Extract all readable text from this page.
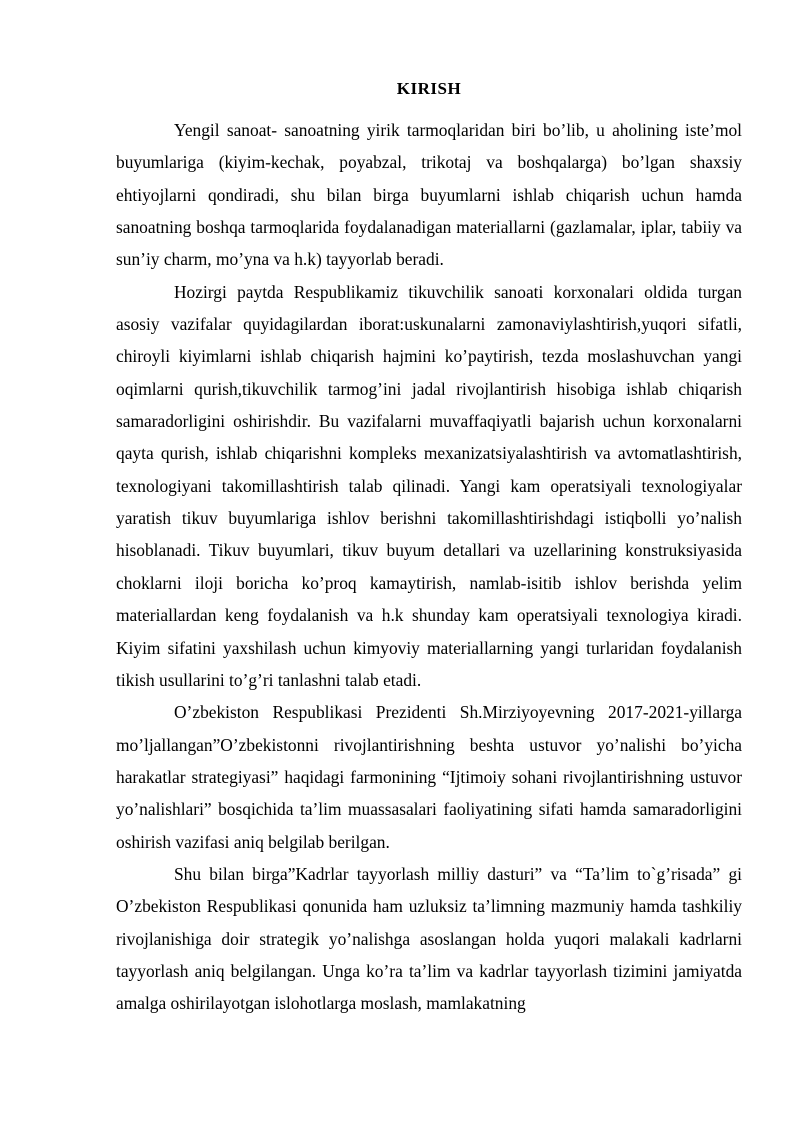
KIRISH

Yengil sanoat- sanoatning yirik tarmoqlaridan biri bo’lib, u aholining iste’mol buyumlariga (kiyim-kechak, poyabzal, trikotaj va boshqalarga) bo’lgan shaxsiy ehtiyojlarni qondiradi, shu bilan birga buyumlarni ishlab chiqarish uchun hamda sanoatning boshqa tarmoqlarida foydalanadigan materiallarni (gazlamalar, iplar, tabiiy va sun’iy charm, mo’yna va h.k) tayyorlab beradi.

Hozirgi paytda Respublikamiz tikuvchilik sanoati korxonalari oldida turgan asosiy vazifalar quyidagilardan iborat:uskunalarni zamonaviylashtirish,yuqori sifatli, chiroyli kiyimlarni ishlab chiqarish hajmini ko’paytirish, tezda moslashuvchan yangi oqimlarni qurish,tikuvchilik tarmog’ini jadal rivojlantirish hisobiga ishlab chiqarish samaradorligini oshirishdir. Bu vazifalarni muvaffaqiyatli bajarish uchun korxonalarni qayta qurish, ishlab chiqarishni kompleks mexanizatsiyalashtirish va avtomatlashtirish, texnologiyani takomillashtirish talab qilinadi. Yangi kam operatsiyali texnologiyalar yaratish tikuv buyumlariga ishlov berishni takomillashtirishdagi istiqbolli yo’nalish hisoblanadi. Tikuv buyumlari, tikuv buyum detallari va uzellarining konstruksiyasida choklarni iloji boricha ko’proq kamaytirish, namlab-isitib ishlov berishda yelim materiallardan keng foydalanish va h.k shunday kam operatsiyali texnologiya kiradi. Kiyim sifatini yaxshilash uchun kimyoviy materiallarning yangi turlaridan foydalanish tikish usullarini to’g’ri tanlashni talab etadi.

O’zbekiston Respublikasi Prezidenti Sh.Mirziyoyevning 2017-2021-yillarga mo’ljallangan”O’zbekistonni rivojlantirishning beshta ustuvor yo’nalishi bo’yicha harakatlar strategiyasi” haqidagi farmonining “Ijtimoiy sohani rivojlantirishning ustuvor yo’nalishlari” bosqichida ta’lim muassasalari faoliyatining sifati hamda samaradorligini oshirish vazifasi aniq belgilab berilgan.

Shu bilan birga”Kadrlar tayyorlash milliy dasturi” va “Ta’lim to`g’risada” gi O’zbekiston Respublikasi qonunida ham uzluksiz ta’limning mazmuniy hamda tashkiliy rivojlanishiga doir strategik yo’nalishga asoslangan holda yuqori malakali kadrlarni tayyorlash aniq belgilangan. Unga ko’ra ta’lim va kadrlar tayyorlash tizimini jamiyatda amalga oshirilayotgan islohotlarga moslash, mamlakatning
